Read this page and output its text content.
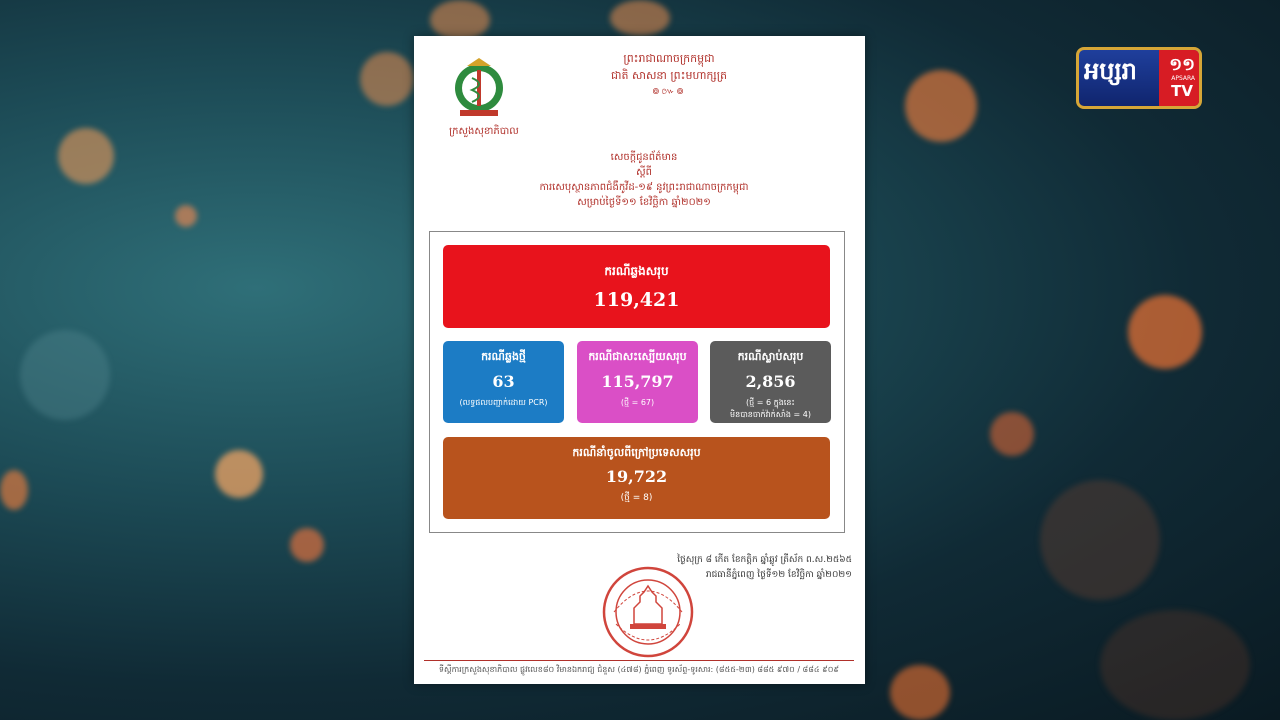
ក្រសួងសុខាភិបាល
ព្រះរាជាណាចក្រកម្ពុជា
ជាតិ សាសនា ព្រះមហាក្សត្រ
៙៚៙
សេចក្តីជូនព័ត៌មាន
ស្តីពី
ការសេបុស្ថានភាពជំងឺកូវីដ-១៩ នូវព្រះរាជាណាចក្រកម្ពុជា
សម្រាប់ថ្ងៃទី១១ ខែវិច្ឆិកា ឆ្នាំ២០២១
ករណីឆ្លងសរុប
119,421
ករណីឆ្លងថ្មី
63
(លទ្ធផលបញ្ជាក់ដោយ PCR)
ករណីជាសះស្បើយសរុប
115,797
(ថ្មី = 67)
ករណីស្លាប់សរុប
2,856
(ថ្មី = 6 ក្នុងនេះ
មិនបានចាក់វ៉ាក់សាំង = 4)
ករណីនាំចូលពីក្រៅប្រទេសសរុប
19,722
(ថ្មី = 8)
ថ្ងៃសុក្រ ៨ កើត ខែកត្តិក ឆ្នាំឆ្លូវ ត្រីស័ក ព.ស.២៥៦៥
រាជធានីភ្នំពេញ ថ្ងៃទី១២ ខែវិច្ឆិកា ឆ្នាំ២០២១
ទីស្តីការក្រសួងសុខាភិបាល ផ្លូវលេខ៨០ វិមានឯករាជ្យ ជំនួស (៤៧៨) ភ្នំពេញ ទូរស័ព្ទ-ទូរសារ: (៨៥៥-២៣) ៨៨៥ ៩៧០ / ៨៨៤ ៩០៩
អប្សរា ១១
APSARA
TV
